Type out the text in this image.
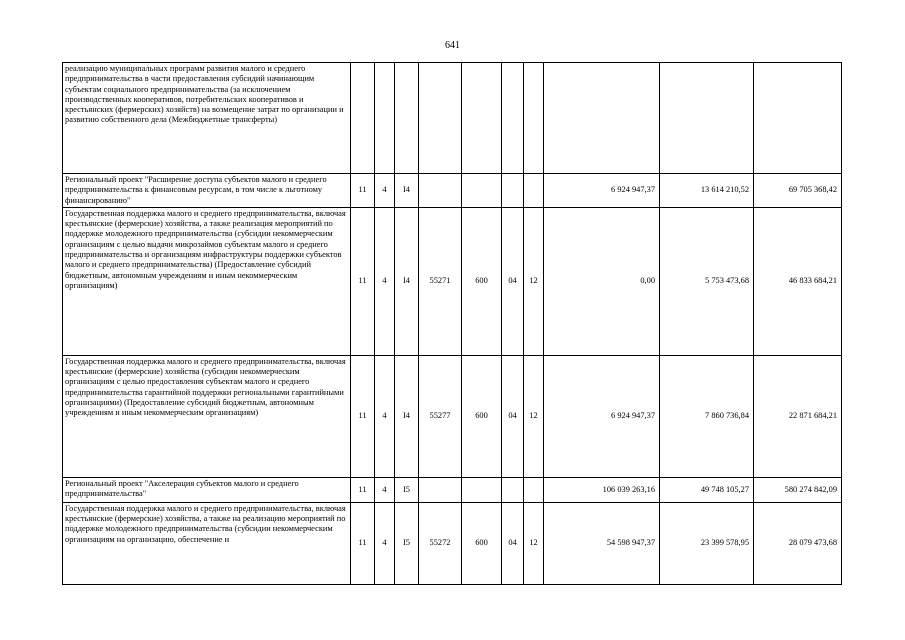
641
реализацию муниципальных программ развития малого и среднего предпринимательства в части предоставления субсидий начинающим субъектам социального предпринимательства (за исключением производственных кооперативов, потребительских кооперативов и крестьянских (фермерских) хозяйств) на возмещение затрат по организации и развитию собственного дела (Межбюджетные трансферты)										
Региональный проект "Расширение доступа субъектов малого и среднего предпринимательства к финансовым ресурсам, в том числе к льготному финансированию"	11	4	I4					6 924 947,37	13 614 210,52	69 705 368,42
Государственная поддержка малого и среднего предпринимательства, включая крестьянские (фермерские) хозяйства, а также реализация мероприятий по поддержке молодежного предпринимательства (субсидии некоммерческим организациям с целью выдачи микрозаймов субъектам малого и среднего предпринимательства и организациям инфраструктуры поддержки субъектов малого и среднего предпринимательства) (Предоставление субсидий бюджетным, автономным учреждениям и иным некоммерческим организациям)	11	4	I4	55271	600	04	12	0,00	5 753 473,68	46 833 684,21
Государственная поддержка малого и среднего предпринимательства, включая крестьянские (фермерские) хозяйства (субсидии некоммерческим организациям с целью предоставления субъектам малого и среднего предпринимательства гарантийной поддержки региональными гарантийными организациями) (Предоставление субсидий бюджетным, автономным учреждениям и иным некоммерческим организациям)	11	4	I4	55277	600	04	12	6 924 947,37	7 860 736,84	22 871 684,21
Региональный проект "Акселерация субъектов малого и среднего предпринимательства"	11	4	I5					106 039 263,16	49 748 105,27	580 274 842,09
Государственная поддержка малого и среднего предпринимательства, включая крестьянские (фермерские) хозяйства, а также на реализацию мероприятий по поддержке молодежного предпринимательства (субсидии некоммерческим организациям на организацию, обеспечение и	11	4	I5	55272	600	04	12	54 598 947,37	23 399 578,95	28 079 473,68
